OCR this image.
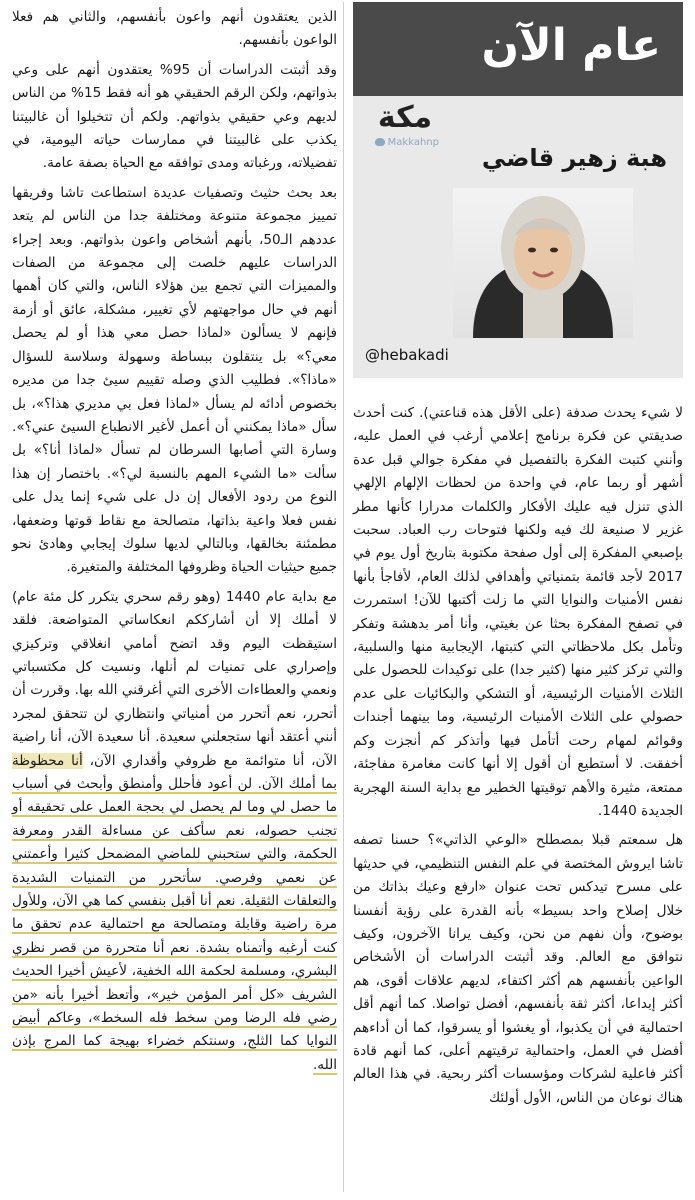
الذين يعتقدون أنهم واعون بأنفسهم، والثاني هم فعلا الواعون بأنفسهم.

وقد أثبتت الدراسات أن 95% يعتقدون أنهم على وعي بذواتهم، ولكن الرقم الحقيقي هو أنه فقط 15% من الناس لديهم وعي حقيقي بذواتهم. ولكم أن تتخيلوا أن غالبيتنا يكذب على غالبيتنا في ممارسات حياته اليومية، في تفضيلاته، ورغباته ومدى توافقه مع الحياة بصفة عامة.

بعد بحث حثيث وتصفيات عديدة استطاعت تاشا وفريقها تمييز مجموعة متنوعة ومختلفة جدا من الناس لم يتعد عددهم الـ50، بأنهم أشخاص واعون بذواتهم. وبعد إجراء الدراسات عليهم خلصت إلى مجموعة من الصفات والمميزات التي تجمع بين هؤلاء الناس، والتي كان أهمها أنهم في حال مواجهتهم لأي تغيير، مشكلة، عائق أو أزمة فإنهم لا يسألون «لماذا حصل معي هذا أو لم يحصل معي؟» بل ينتقلون ببساطة وسهولة وسلاسة للسؤال «ماذا؟». فطليب الذي وصله تقييم سيئ جدا من مديره بخصوص أدائه لم يسأل «لماذا فعل بي مديري هذا؟»، بل سأل «ماذا يمكنني أن أعمل لأغير الانطباع السيئ عني؟». وسارة التي أصابها السرطان لم تسأل «لماذا أنا؟» بل سألت «ما الشيء المهم بالنسبة لي؟». باختصار إن هذا النوع من ردود الأفعال إن دل على شيء إنما يدل على نفس فعلا واعية بذاتها، متصالحة مع نقاط قوتها وضعفها، مطمئنة بخالقها، وبالتالي لديها سلوك إيجابي وهادئ نحو جميع حيثيات الحياة وظروفها المختلفة والمتغيرة.

مع بداية عام 1440 (وهو رقم سحري يتكرر كل مئة عام) لا أملك إلا أن أشارككم انعكاساتي المتواضعة. فلقد استيقظت اليوم وقد اتضح أمامي انغلاقي وتركيزي وإصراري على تمنيات لم أنلها، ونسيت كل مكتسباتي ونعمي والعطاءات الأخرى التي أغرقني الله بها. وقررت أن أتحرر، نعم أتحرر من أمنياتي وانتظاري لن تتحقق لمجرد أنني أعتقد أنها ستجعلني سعيدة. أنا سعيدة الآن، أنا راضية الآن، أنا متوائمة مع ظروفي وأقداري الآن، أنا محظوظة بما أملك الآن. لن أعود فأحلل وأمنطق وأبحث في أسباب ما حصل لي وما لم يحصل لي بحجة العمل على تحقيقه أو تجنب حصوله، نعم سأكف عن مساءلة القدر ومعرفة الحكمة، والتي ستحبني للماضي المضمحل كثيرا وأعمتني عن نعمي وفرصي. سأتحرر من التمنيات الشديدة والتعلقات الثقيلة. نعم أنا أقبل بنفسي كما هي الآن، وللأول مرة راضية وقابلة ومتصالحة مع احتمالية عدم تحقق ما كنت أرغبه وأتمناه بشدة. نعم أنا متحررة من قصر نظري البشري، ومسلمة لحكمة الله الخفية، لأعيش أخيرا الحديث الشريف «كل أمر المؤمن خير»، وأتعظ أخيرا بأنه «من رضي فله الرضا ومن سخط فله السخط»، وعاكم أبيض النوايا كما الثلج، وسنتكم خضراء بهيجة كما المرج بإذن الله.

عام الآن
مكة
Makkahnp
هبة زهير قاضي
@hebakadi

لا شيء يحدث صدفة (على الأقل هذه قناعتي). كنت أحدث صديقتي عن فكرة برنامج إعلامي أرغب في العمل عليه، وأنني كتبت الفكرة بالتفصيل في مفكرة جوالي قبل عدة أشهر أو ربما عام، في واحدة من لحظات الإلهام الإلهي الذي تنزل فيه عليك الأفكار والكلمات مدرارا كأنها مطر غزير لا صنيعة لك فيه ولكنها فتوحات رب العباد. سحبت بإصبعي المفكرة إلى أول صفحة مكتوبة بتاريخ أول يوم في 2017 لأجد قائمة بتمنياتي وأهدافي لذلك العام، لأفاجأ بأنها نفس الأمنيات والنوايا التي ما زلت أكتبها للآن! استمررت في تصفح المفكرة بحثا عن بغيتي، وأنا أمر بدهشة وتفكر وتأمل بكل ملاحظاتي التي كتبتها، الإيجابية منها والسلبية، والتي تركز كثير منها (كثير جدا) على توكيدات للحصول على الثلاث الأمنيات الرئيسية، أو التشكي والبكائيات على عدم حصولي على الثلاث الأمنيات الرئيسية، وما بينهما أجندات وقوائم لمهام رحت أتأمل فيها وأتذكر كم أنجزت وكم أخفقت. لا أستطيع أن أقول إلا أنها كانت مغامرة مفاجئة، ممتعة، مثيرة والأهم توقيتها الخطير مع بداية السنة الهجرية الجديدة 1440.

هل سمعتم قبلا بمصطلح «الوعي الذاتي»؟ حسنا تصفه تاشا ايروش المختصة في علم النفس التنظيمي، في حديثها على مسرح تيدكس تحت عنوان «ارفع وعيك بذاتك من خلال إصلاح واحد بسيط» بأنه القدرة على رؤية أنفسنا بوضوح، وأن نفهم من نحن، وكيف يرانا الآخرون، وكيف نتوافق مع العالم. وقد أثبتت الدراسات أن الأشخاص الواعين بأنفسهم هم أكثر اكتفاء، لديهم علاقات أقوى، هم أكثر إبداعا، أكثر ثقة بأنفسهم، أفضل تواصلا. كما أنهم أقل احتمالية في أن يكذبوا، أو يغشوا أو يسرقوا، كما أن أداءهم أفضل في العمل، واحتمالية ترقيتهم أعلى، كما أنهم قادة أكثر فاعلية لشركات ومؤسسات أكثر ربحية. في هذا العالم هناك نوعان من الناس، الأول أولئك
